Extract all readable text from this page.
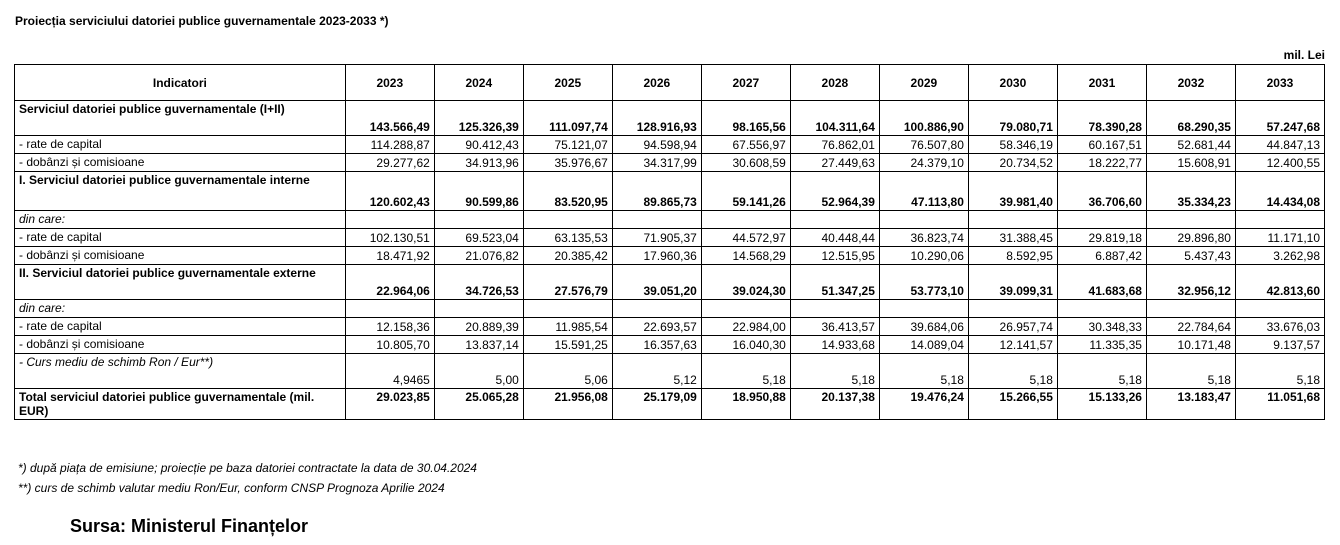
Proiecția serviciului datoriei publice guvernamentale 2023-2033 *)
mil. Lei
Indicatori	2023	2024	2025	2026	2027	2028	2029	2030	2031	2032	2033
Serviciul datoriei publice guvernamentale (I+II)	143.566,49	125.326,39	111.097,74	128.916,93	98.165,56	104.311,64	100.886,90	79.080,71	78.390,28	68.290,35	57.247,68
- rate de capital	114.288,87	90.412,43	75.121,07	94.598,94	67.556,97	76.862,01	76.507,80	58.346,19	60.167,51	52.681,44	44.847,13
- dobânzi și comisioane	29.277,62	34.913,96	35.976,67	34.317,99	30.608,59	27.449,63	24.379,10	20.734,52	18.222,77	15.608,91	12.400,55
I. Serviciul datoriei publice guvernamentale interne	120.602,43	90.599,86	83.520,95	89.865,73	59.141,26	52.964,39	47.113,80	39.981,40	36.706,60	35.334,23	14.434,08
din care:											
- rate de capital	102.130,51	69.523,04	63.135,53	71.905,37	44.572,97	40.448,44	36.823,74	31.388,45	29.819,18	29.896,80	11.171,10
- dobânzi și comisioane	18.471,92	21.076,82	20.385,42	17.960,36	14.568,29	12.515,95	10.290,06	8.592,95	6.887,42	5.437,43	3.262,98
II. Serviciul datoriei publice guvernamentale externe	22.964,06	34.726,53	27.576,79	39.051,20	39.024,30	51.347,25	53.773,10	39.099,31	41.683,68	32.956,12	42.813,60
din care:											
- rate de capital	12.158,36	20.889,39	11.985,54	22.693,57	22.984,00	36.413,57	39.684,06	26.957,74	30.348,33	22.784,64	33.676,03
- dobânzi și comisioane	10.805,70	13.837,14	15.591,25	16.357,63	16.040,30	14.933,68	14.089,04	12.141,57	11.335,35	10.171,48	9.137,57
- Curs mediu de schimb Ron / Eur**)	4,9465	5,00	5,06	5,12	5,18	5,18	5,18	5,18	5,18	5,18	5,18
Total serviciul datoriei publice guvernamentale (mil. EUR)	29.023,85	25.065,28	21.956,08	25.179,09	18.950,88	20.137,38	19.476,24	15.266,55	15.133,26	13.183,47	11.051,68
*) după piața de emisiune; proiecție pe baza datoriei contractate la data de 30.04.2024
**) curs de schimb valutar mediu Ron/Eur, conform CNSP Prognoza Aprilie 2024
Sursa: Ministerul Finanțelor
